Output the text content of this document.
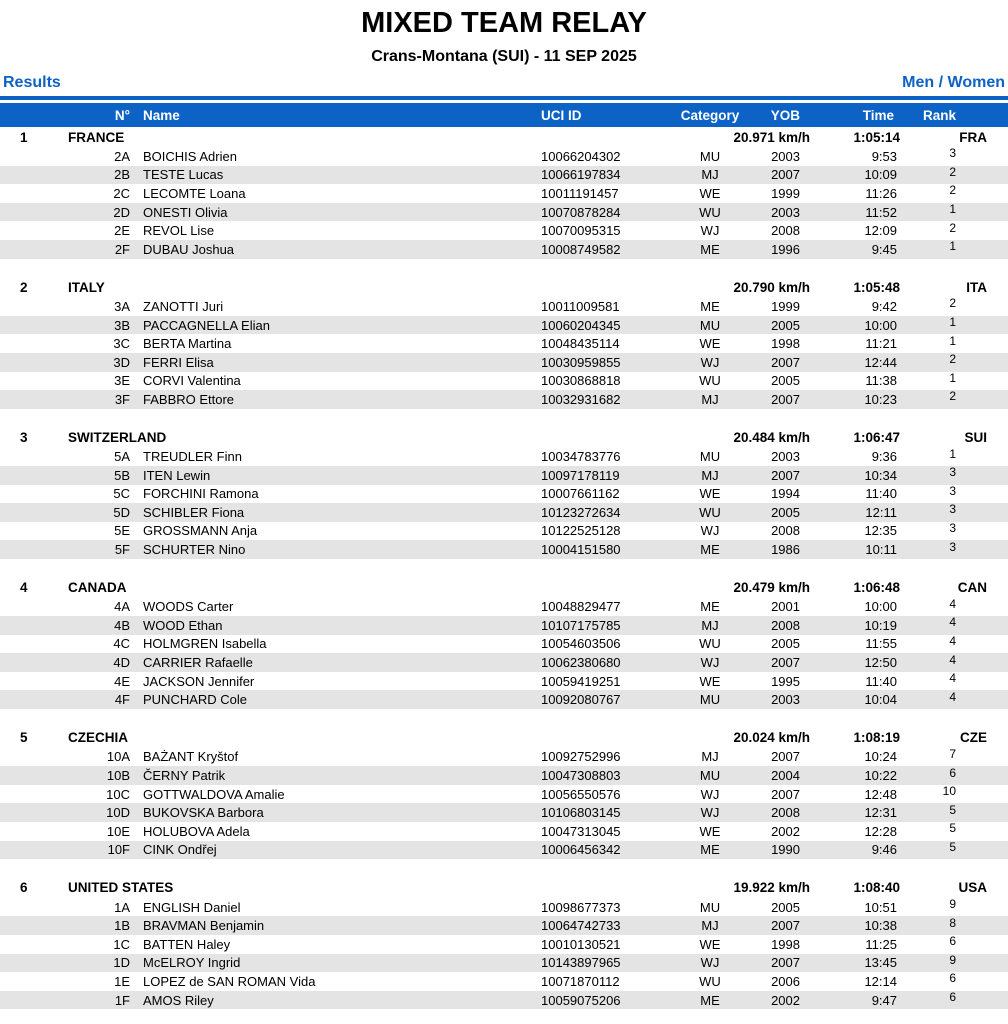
MIXED TEAM RELAY
Crans-Montana (SUI) - 11 SEP 2025
Results	Men / Women
	N°	Name	UCI ID	Category	YOB	Time	Rank	
1	FRANCE			20.971 km/h		1:05:14	FRA	
	2A	BOICHIS Adrien	10066204302	MU	2003	9:53	3	
	2B	TESTE Lucas	10066197834	MJ	2007	10:09	2	
	2C	LECOMTE Loana	10011191457	WE	1999	11:26	2	
	2D	ONESTI Olivia	10070878284	WU	2003	11:52	1	
	2E	REVOL Lise	10070095315	WJ	2008	12:09	2	
	2F	DUBAU Joshua	10008749582	ME	1996	9:45	1	

2	ITALY			20.790 km/h		1:05:48	ITA	
	3A	ZANOTTI Juri	10011009581	ME	1999	9:42	2	
	3B	PACCAGNELLA Elian	10060204345	MU	2005	10:00	1	
	3C	BERTA Martina	10048435114	WE	1998	11:21	1	
	3D	FERRI Elisa	10030959855	WJ	2007	12:44	2	
	3E	CORVI Valentina	10030868818	WU	2005	11:38	1	
	3F	FABBRO Ettore	10032931682	MJ	2007	10:23	2	

3	SWITZERLAND			20.484 km/h		1:06:47	SUI	
	5A	TREUDLER Finn	10034783776	MU	2003	9:36	1	
	5B	ITEN Lewin	10097178119	MJ	2007	10:34	3	
	5C	FORCHINI Ramona	10007661162	WE	1994	11:40	3	
	5D	SCHIBLER Fiona	10123272634	WU	2005	12:11	3	
	5E	GROSSMANN Anja	10122525128	WJ	2008	12:35	3	
	5F	SCHURTER Nino	10004151580	ME	1986	10:11	3	

4	CANADA			20.479 km/h		1:06:48	CAN	
	4A	WOODS Carter	10048829477	ME	2001	10:00	4	
	4B	WOOD Ethan	10107175785	MJ	2008	10:19	4	
	4C	HOLMGREN Isabella	10054603506	WU	2005	11:55	4	
	4D	CARRIER Rafaelle	10062380680	WJ	2007	12:50	4	
	4E	JACKSON Jennifer	10059419251	WE	1995	11:40	4	
	4F	PUNCHARD Cole	10092080767	MU	2003	10:04	4	

5	CZECHIA			20.024 km/h		1:08:19	CZE	
	10A	BAŻANT Kryštof	10092752996	MJ	2007	10:24	7	
	10B	ČERNY Patrik	10047308803	MU	2004	10:22	6	
	10C	GOTTWALDOVA Amalie	10056550576	WJ	2007	12:48	10	
	10D	BUKOVSKA Barbora	10106803145	WJ	2008	12:31	5	
	10E	HOLUBOVA Adela	10047313045	WE	2002	12:28	5	
	10F	CINK Ondřej	10006456342	ME	1990	9:46	5	

6	UNITED STATES			19.922 km/h		1:08:40	USA	
	1A	ENGLISH Daniel	10098677373	MU	2005	10:51	9	
	1B	BRAVMAN Benjamin	10064742733	MJ	2007	10:38	8	
	1C	BATTEN Haley	10010130521	WE	1998	11:25	6	
	1D	McELROY Ingrid	10143897965	WJ	2007	13:45	9	
	1E	LOPEZ de SAN ROMAN Vida	10071870112	WU	2006	12:14	6	
	1F	AMOS Riley	10059075206	ME	2002	9:47	6	
